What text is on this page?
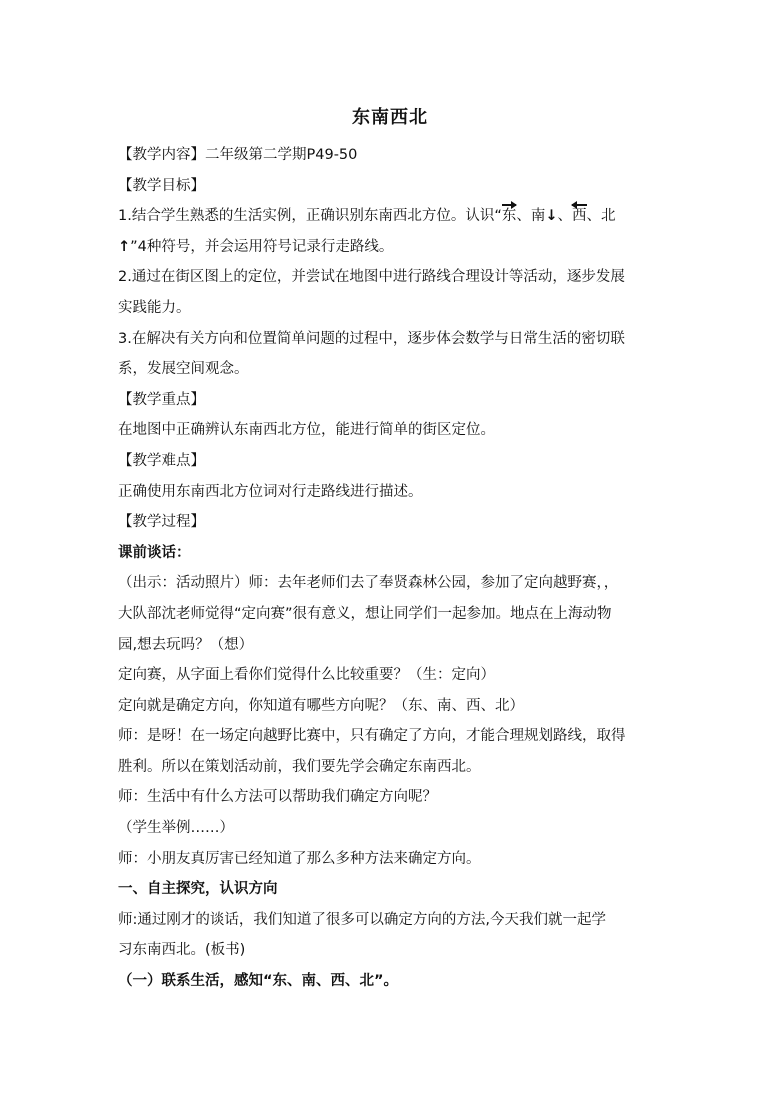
东南西北

【教学内容】二年级第二学期P49-50

【教学目标】

1.结合学生熟悉的生活实例，正确识别东南西北方位。认识“
东、南↓、
西、北

↑”4种符号，并会运用符号记录行走路线。

2.通过在街区图上的定位，并尝试在地图中进行路线合理设计等活动，逐步发展

实践能力。

3.在解决有关方向和位置简单问题的过程中，逐步体会数学与日常生活的密切联

系，发展空间观念。

【教学重点】

在地图中正确辨认东南西北方位，能进行简单的街区定位。

【教学难点】

正确使用东南西北方位词对行走路线进行描述。

【教学过程】

课前谈话：

（出示：活动照片）师：去年老师们去了奉贤森林公园，参加了定向越野赛，，

大队部沈老师觉得“定向赛”很有意义，想让同学们一起参加。地点在上海动物

园,想去玩吗？（想）

定向赛，从字面上看你们觉得什么比较重要？（生：定向）

定向就是确定方向，你知道有哪些方向呢？（东、南、西、北）

师：是呀！在一场定向越野比赛中，只有确定了方向，才能合理规划路线，取得

胜利。所以在策划活动前，我们要先学会确定东南西北。

师：生活中有什么方法可以帮助我们确定方向呢？

（学生举例……）

师：小朋友真厉害已经知道了那么多种方法来确定方向。

一、自主探究，认识方向

师:通过刚才的谈话，我们知道了很多可以确定方向的方法,今天我们就一起学

习东南西北。(板书)

（一）联系生活，感知“东、南、西、北”。
